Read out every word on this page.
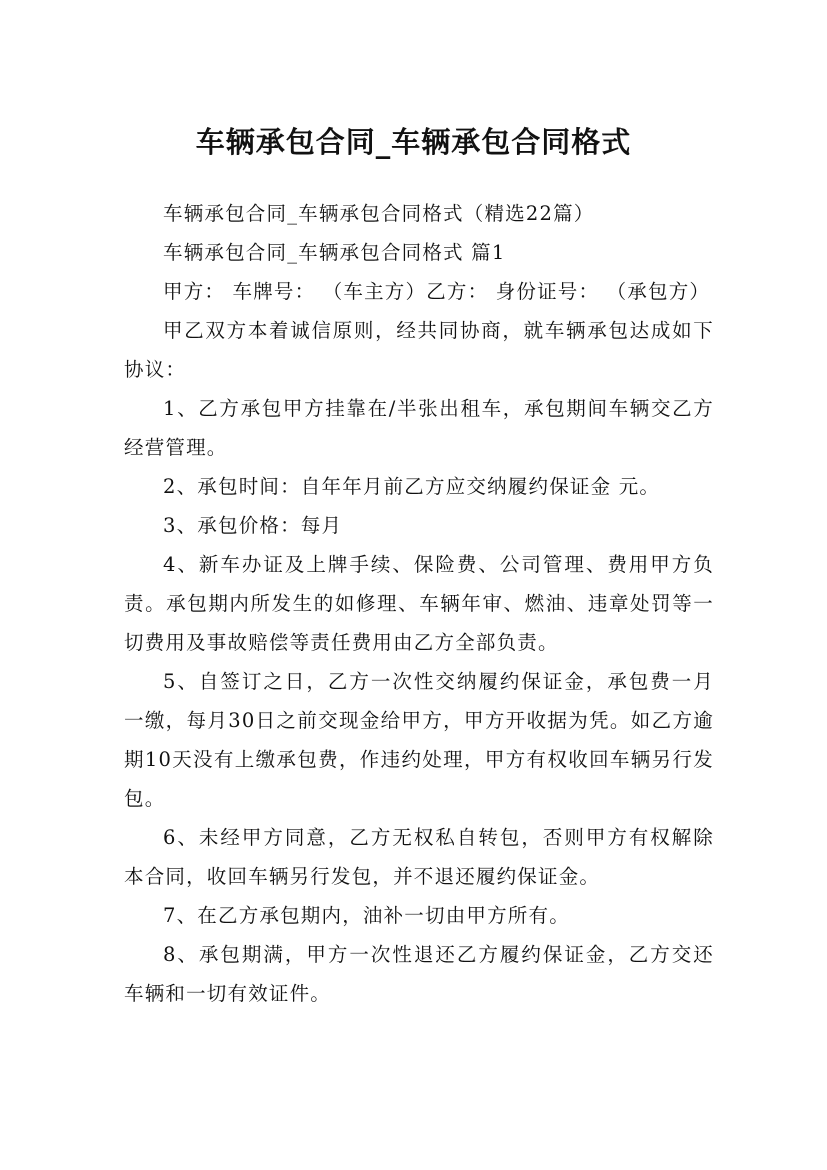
车辆承包合同_车辆承包合同格式

车辆承包合同_车辆承包合同格式（精选22篇）

车辆承包合同_车辆承包合同格式 篇1

甲方： 车牌号： （车主方）乙方： 身份证号： （承包方）

甲乙双方本着诚信原则，经共同协商，就车辆承包达成如下协议：

1、乙方承包甲方挂靠在/半张出租车，承包期间车辆交乙方经营管理。

2、承包时间：自年年月前乙方应交纳履约保证金 元。

3、承包价格：每月

4、新车办证及上牌手续、保险费、公司管理、费用甲方负责。承包期内所发生的如修理、车辆年审、燃油、违章处罚等一切费用及事故赔偿等责任费用由乙方全部负责。

5、自签订之日，乙方一次性交纳履约保证金，承包费一月一缴，每月30日之前交现金给甲方，甲方开收据为凭。如乙方逾期10天没有上缴承包费，作违约处理，甲方有权收回车辆另行发包。

6、未经甲方同意，乙方无权私自转包，否则甲方有权解除本合同，收回车辆另行发包，并不退还履约保证金。

7、在乙方承包期内，油补一切由甲方所有。

8、承包期满，甲方一次性退还乙方履约保证金，乙方交还车辆和一切有效证件。
